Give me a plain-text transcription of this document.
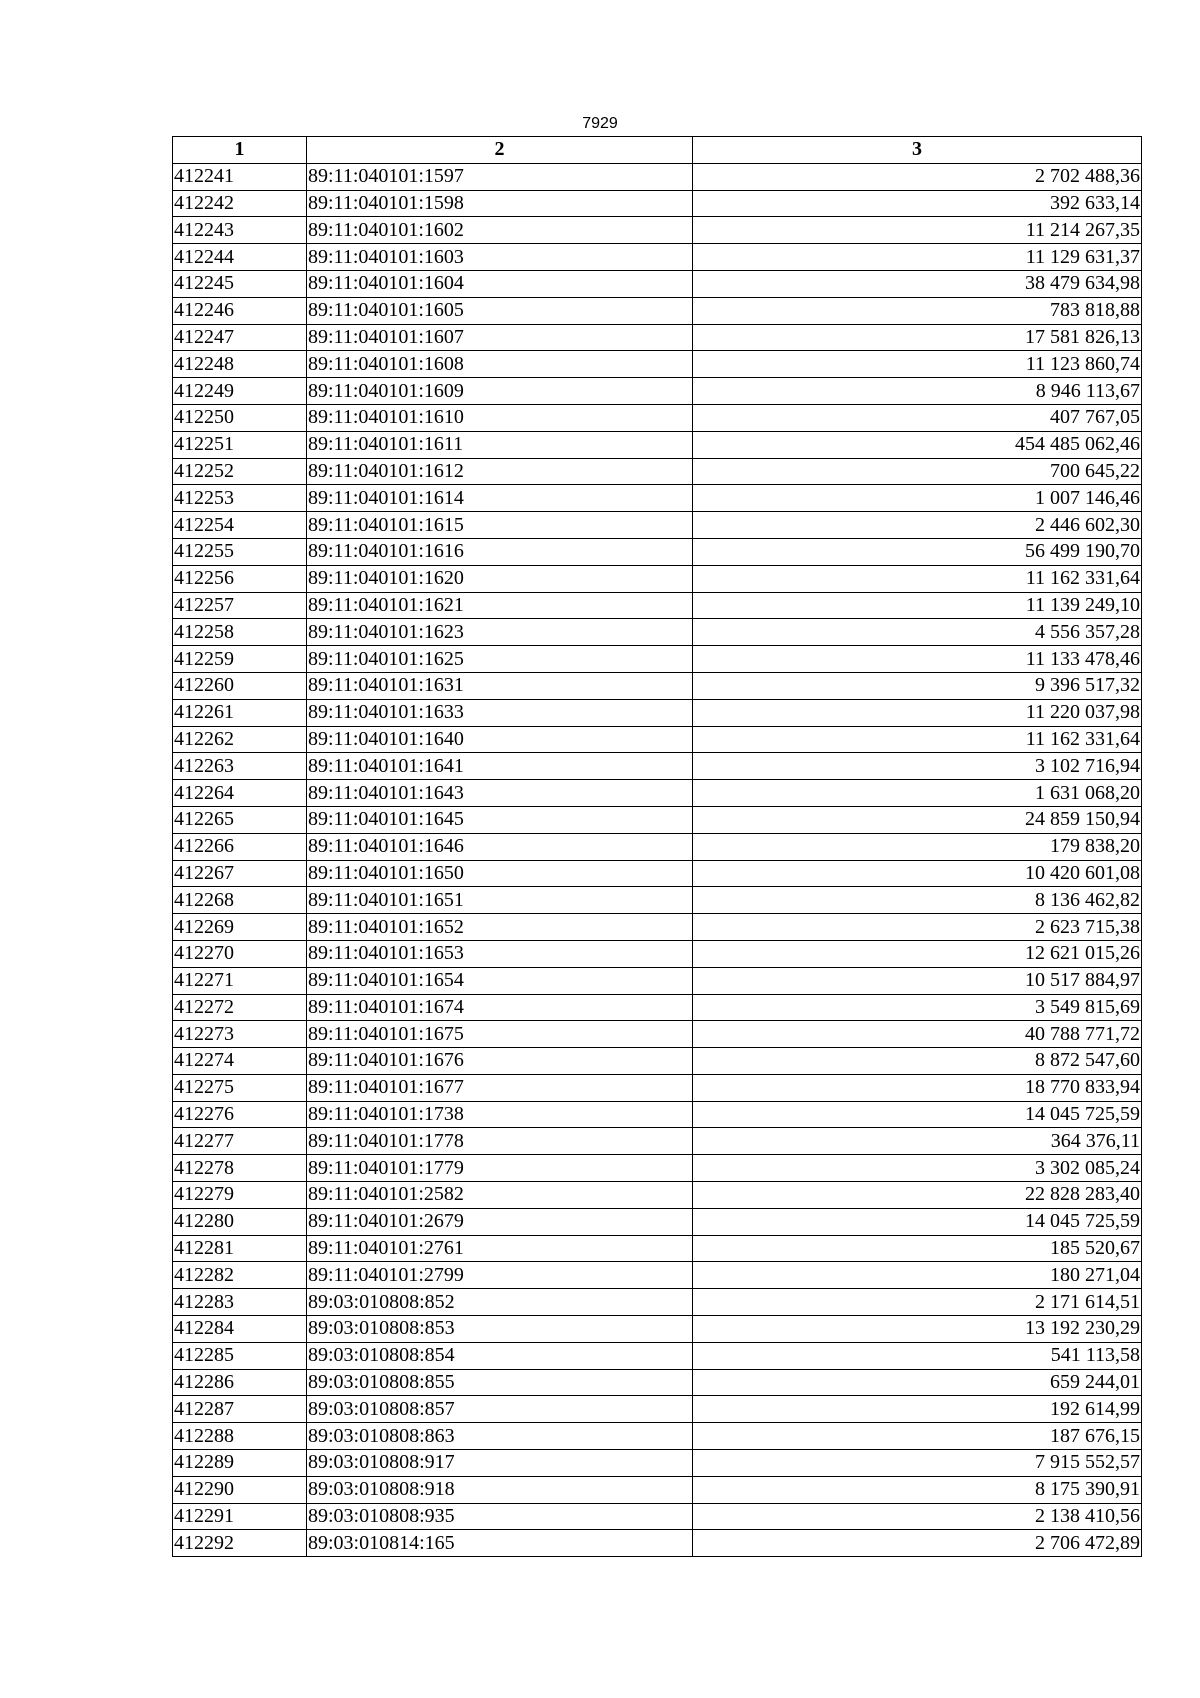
7929
1	2	3
412241	89:11:040101:1597	2 702 488,36
412242	89:11:040101:1598	392 633,14
412243	89:11:040101:1602	11 214 267,35
412244	89:11:040101:1603	11 129 631,37
412245	89:11:040101:1604	38 479 634,98
412246	89:11:040101:1605	783 818,88
412247	89:11:040101:1607	17 581 826,13
412248	89:11:040101:1608	11 123 860,74
412249	89:11:040101:1609	8 946 113,67
412250	89:11:040101:1610	407 767,05
412251	89:11:040101:1611	454 485 062,46
412252	89:11:040101:1612	700 645,22
412253	89:11:040101:1614	1 007 146,46
412254	89:11:040101:1615	2 446 602,30
412255	89:11:040101:1616	56 499 190,70
412256	89:11:040101:1620	11 162 331,64
412257	89:11:040101:1621	11 139 249,10
412258	89:11:040101:1623	4 556 357,28
412259	89:11:040101:1625	11 133 478,46
412260	89:11:040101:1631	9 396 517,32
412261	89:11:040101:1633	11 220 037,98
412262	89:11:040101:1640	11 162 331,64
412263	89:11:040101:1641	3 102 716,94
412264	89:11:040101:1643	1 631 068,20
412265	89:11:040101:1645	24 859 150,94
412266	89:11:040101:1646	179 838,20
412267	89:11:040101:1650	10 420 601,08
412268	89:11:040101:1651	8 136 462,82
412269	89:11:040101:1652	2 623 715,38
412270	89:11:040101:1653	12 621 015,26
412271	89:11:040101:1654	10 517 884,97
412272	89:11:040101:1674	3 549 815,69
412273	89:11:040101:1675	40 788 771,72
412274	89:11:040101:1676	8 872 547,60
412275	89:11:040101:1677	18 770 833,94
412276	89:11:040101:1738	14 045 725,59
412277	89:11:040101:1778	364 376,11
412278	89:11:040101:1779	3 302 085,24
412279	89:11:040101:2582	22 828 283,40
412280	89:11:040101:2679	14 045 725,59
412281	89:11:040101:2761	185 520,67
412282	89:11:040101:2799	180 271,04
412283	89:03:010808:852	2 171 614,51
412284	89:03:010808:853	13 192 230,29
412285	89:03:010808:854	541 113,58
412286	89:03:010808:855	659 244,01
412287	89:03:010808:857	192 614,99
412288	89:03:010808:863	187 676,15
412289	89:03:010808:917	7 915 552,57
412290	89:03:010808:918	8 175 390,91
412291	89:03:010808:935	2 138 410,56
412292	89:03:010814:165	2 706 472,89
